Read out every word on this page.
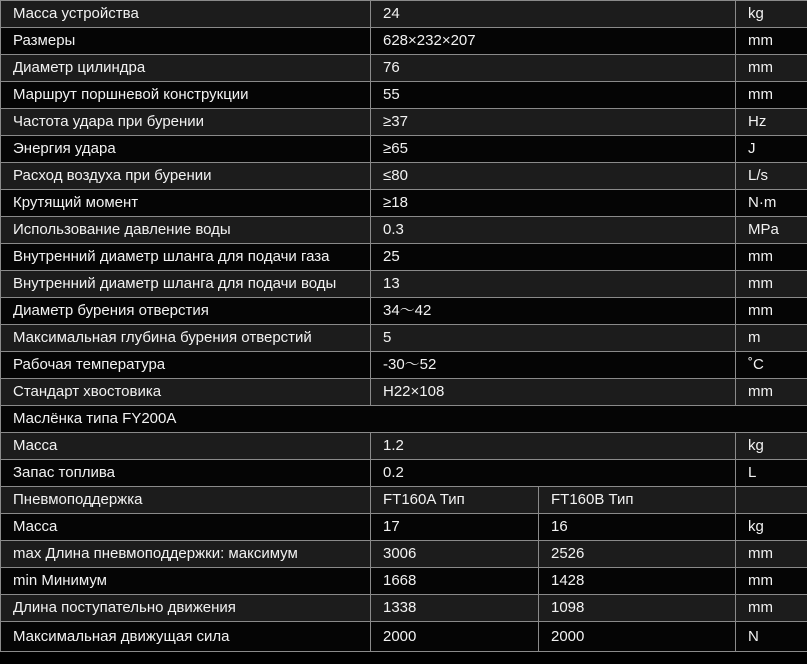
Масса устройства	24		kg
Размеры	628×232×207		mm
Диаметр цилиндра	76		mm
Маршрут поршневой конструкции	55		mm
Частота удара при бурении	≥37		Hz
Энергия удара	≥65		J
Расход воздуха при бурении	≤80		L/s
Крутящий момент	≥18		N·m
Использование давление воды	0.3		MPa
Внутренний диаметр шланга для подачи газа	25		mm
Внутренний диаметр шланга для подачи воды	13		mm
Диаметр бурения отверстия	34～42		mm
Максимальная глубина бурения отверстий	5		m
Рабочая температура	-30～52		˚C
Стандарт хвостовика	H22×108		mm
Маслёнка типа FY200A			
Масса	1.2		kg
Запас топлива	0.2		L
Пневмоподдержка	FT160A Тип	FT160B Тип	
Масса	17	16	kg
max Длина пневмоподдержки: максимум	3006	2526	mm
min Минимум	1668	1428	mm
Длина поступательно движения	1338	1098	mm
Максимальная движущая сила	2000	2000	N
